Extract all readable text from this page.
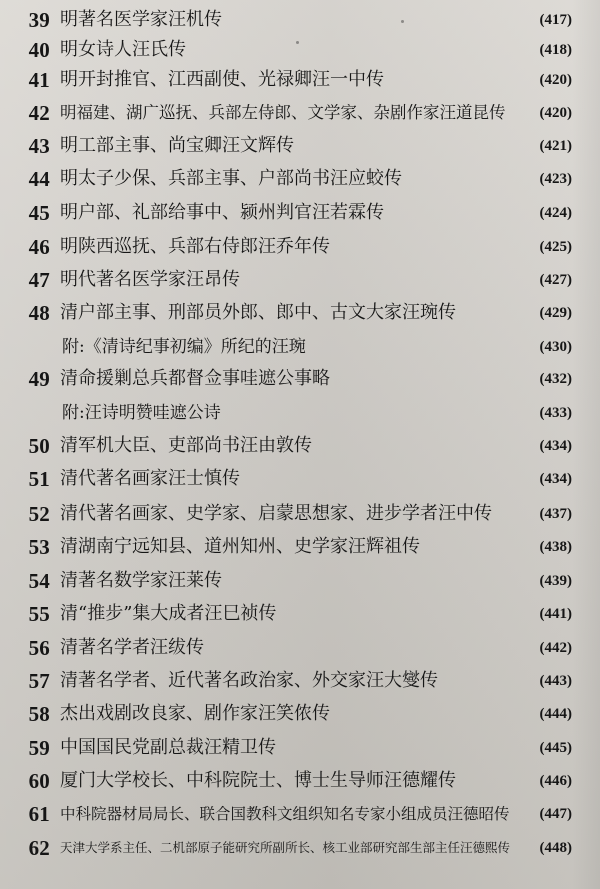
39 明著名医学家汪机传	(417)
40 明女诗人汪氏传	(418)
41 明开封推官、江西副使、光禄卿汪一中传	(420)
42 明福建、湖广巡抚、兵部左侍郎、文学家、杂剧作家汪道昆传	(420)
43 明工部主事、尚宝卿汪文辉传	(421)
44 明太子少保、兵部主事、户部尚书汪应蛟传	(423)
45 明户部、礼部给事中、颍州判官汪若霖传	(424)
46 明陕西巡抚、兵部右侍郎汪乔年传	(425)
47 明代著名医学家汪昂传	(427)
48 清户部主事、刑部员外郎、郎中、古文大家汪琬传	(429)
附:《清诗纪事初编》所纪的汪琬	(430)
49 清命援剿总兵都督佥事哇遮公事略	(432)
附:汪诗明赞哇遮公诗	(433)
50 清军机大臣、吏部尚书汪由敦传	(434)
51 清代著名画家汪士慎传	(434)
52 清代著名画家、史学家、启蒙思想家、进步学者汪中传	(437)
53 清湖南宁远知县、道州知州、史学家汪辉祖传	(438)
54 清著名数学家汪莱传	(439)
55 清“推步”集大成者汪巳祯传	(441)
56 清著名学者汪绂传	(442)
57 清著名学者、近代著名政治家、外交家汪大燮传	(443)
58 杰出戏剧改良家、剧作家汪笑侬传	(444)
59 中国国民党副总裁汪精卫传	(445)
60 厦门大学校长、中科院院士、博士生导师汪德耀传	(446)
61 中科院器材局局长、联合国教科文组织知名专家小组成员汪德昭传	(447)
62 天津大学系主任、二机部原子能研究所副所长、核工业部研究部生部主任汪德熙传	(448)
